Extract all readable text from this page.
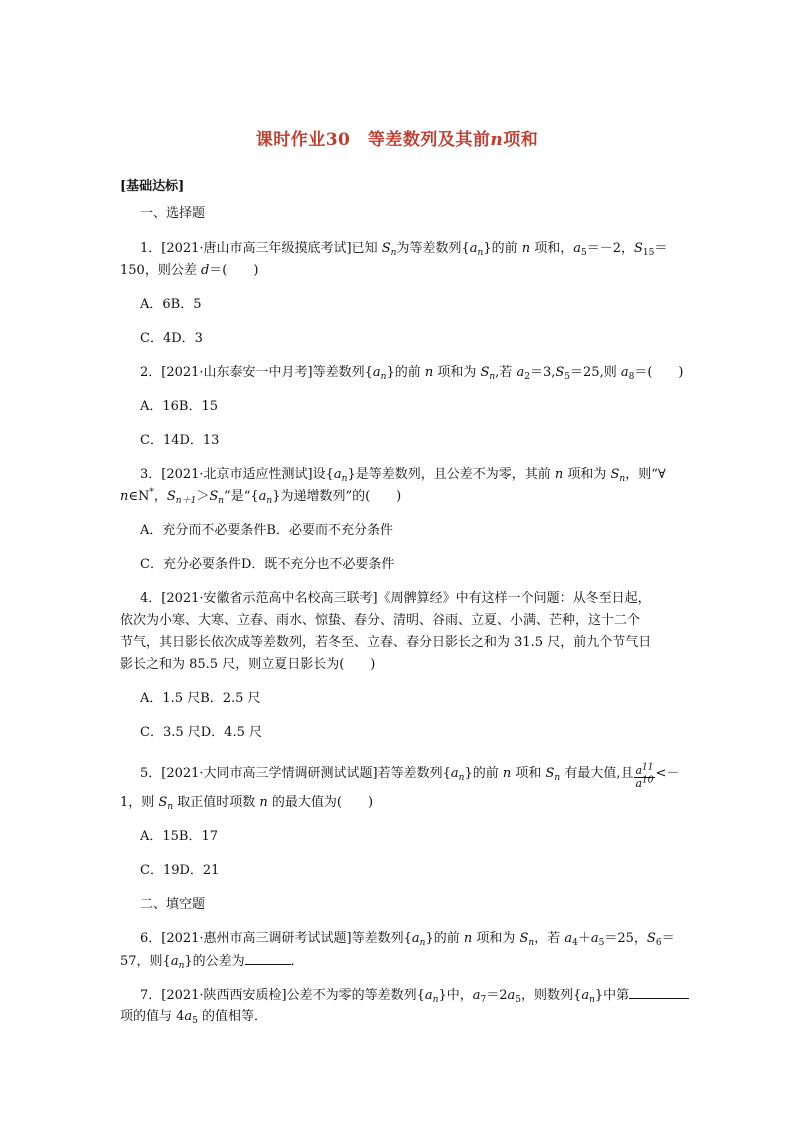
课时作业30　等差数列及其前n项和
[基础达标]
一、选择题
1．[2021·唐山市高三年级摸底考试]已知 $S_n$为等差数列$\{a_n\}$的前 n 项和，$a_5=-2$，$S_{15}=$
150，则公差 d＝(　　)
A．6B．5
C．4D．3
2．[2021·山东泰安一中月考]等差数列$\{a_n\}$的前 n 项和为 $S_n$,若 $a_2=3,S_5=25$,则 $a_8=$(　　)
A．16B．15
C．14D．13
3．[2021·北京市适应性测试]设$\{a_n\}$是等差数列，且公差不为零，其前 n 项和为 $S_n$，则“∀
n∈N*，$S_{n+1}>S_n$”是“$\{a_n\}$为递增数列”的(　　)
A．充分而不必要条件B．必要而不充分条件
C．充分必要条件D．既不充分也不必要条件
4．[2021·安徽省示范高中名校高三联考]《周髀算经》中有这样一个问题：从冬至日起，
依次为小寒、大寒、立春、雨水、惊蛰、春分、清明、谷雨、立夏、小满、芒种，这十二个
节气，其日影长依次成等差数列，若冬至、立春、春分日影长之和为 31.5 尺，前九个节气日
影长之和为 85.5 尺，则立夏日影长为(　　)
A．1.5 尺B．2.5 尺
C．3.5 尺D．4.5 尺
5．[2021·大同市高三学情调研测试试题]若等差数列$\{a_n\}$的前 n 项和 $S_n$ 有最大值,且 $\frac{a^{11}}{a^{10}}$ <－
1，则 $S_n$ 取正值时项数 n 的最大值为(　　)
A．15B．17
C．19D．21
二、填空题
6．[2021·惠州市高三调研考试试题]等差数列$\{a_n\}$的前 n 项和为 $S_n$，若 $a_4+a_5=25$，$S_6=$
57，则$\{a_n\}$的公差为	．
7．[2021·陕西西安质检]公差不为零的等差数列$\{a_n\}$中，$a_7=2a_5$，则数列$\{a_n\}$中第
项的值与 $4a_5$ 的值相等．
